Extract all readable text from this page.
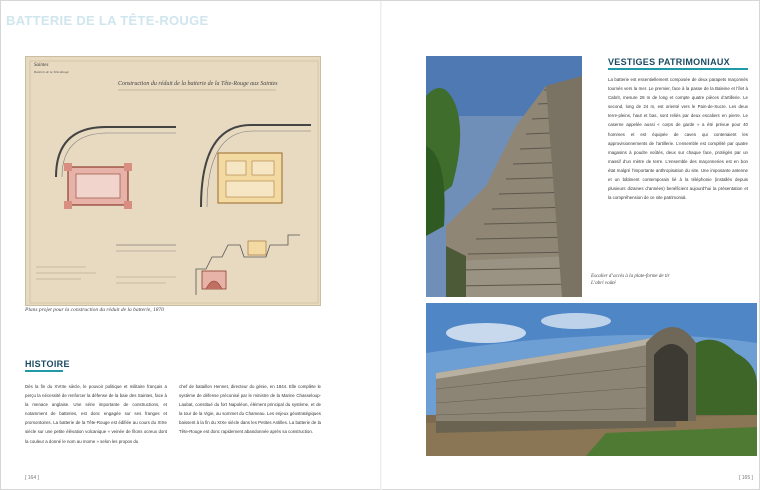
BATTERIE DE LA TÊTE-ROUGE
Saintes
Batterie de la Tête-Rouge
Construction du réduit de la batterie de la Tête-Rouge aux Saintes
Plans projet pour la construction du réduit de la batterie, 1870
HISTOIRE
Dès la fin du XVIIIe siècle, le pouvoir politique et militaire français a perçu la nécessité de renforcer la défense de la baie des Saintes, face à la menace anglaise. Une série importante de constructions, et notamment de batteries, est donc engagée sur ses franges et promontoires. La batterie de la Tête-Rouge est édifiée au cours du XIXe siècle sur une petite élévation volcanique « veinée de filons ocreux dont la couleur a donné le nom au morne » selon les propos du
chef de bataillon Hennet, directeur du génie, en 1844. Elle complète le système de défense préconisé par le ministre de la Marine Chasseloup-Laubat, constitué du fort Napoléon, élément principal du système, et de la tour de la Vigie, au sommet du Chameau. Les enjeux géostratégiques baissent à la fin du XIXe siècle dans les Petites Antilles. La batterie de la Tête-Rouge est donc rapidement abandonnée après sa construction.
VESTIGES PATRIMONIAUX
La batterie est essentiellement composée de deux parapets maçonnés tournés vers la mer. Le premier, face à la passe de la Baleine et l’îlet à Cabrit, mesure 28 m de long et compte quatre pièces d’artillerie. Le second, long de 24 m, est orienté vers le Pain-de-Sucre. Les deux terre-pleins, haut et bas, sont reliés par deux escaliers en pierre. Le caserne appelée aussi « corps de garde » a été prévue pour 40 hommes et est équipée de caves qui contenaient les approvisionnements de l’artillerie. L’ensemble est complété par quatre magasins à poudre voûtés, deux sur chaque face, protégés par un massif d’un mètre de terre. L’ensemble des maçonneries est en bon état malgré l’importante anthropisation du site. Une imposante antenne et un bâtiment contemporain lié à la téléphonie (installés depuis plusieurs dizaines d’années) benéficient aujourd’hui la présentation et la compréhension de ce site patrimonial.
Escalier d’accès à la plate-forme de tir
L’abri voûté
[ 164 ]	[ 165 ]
